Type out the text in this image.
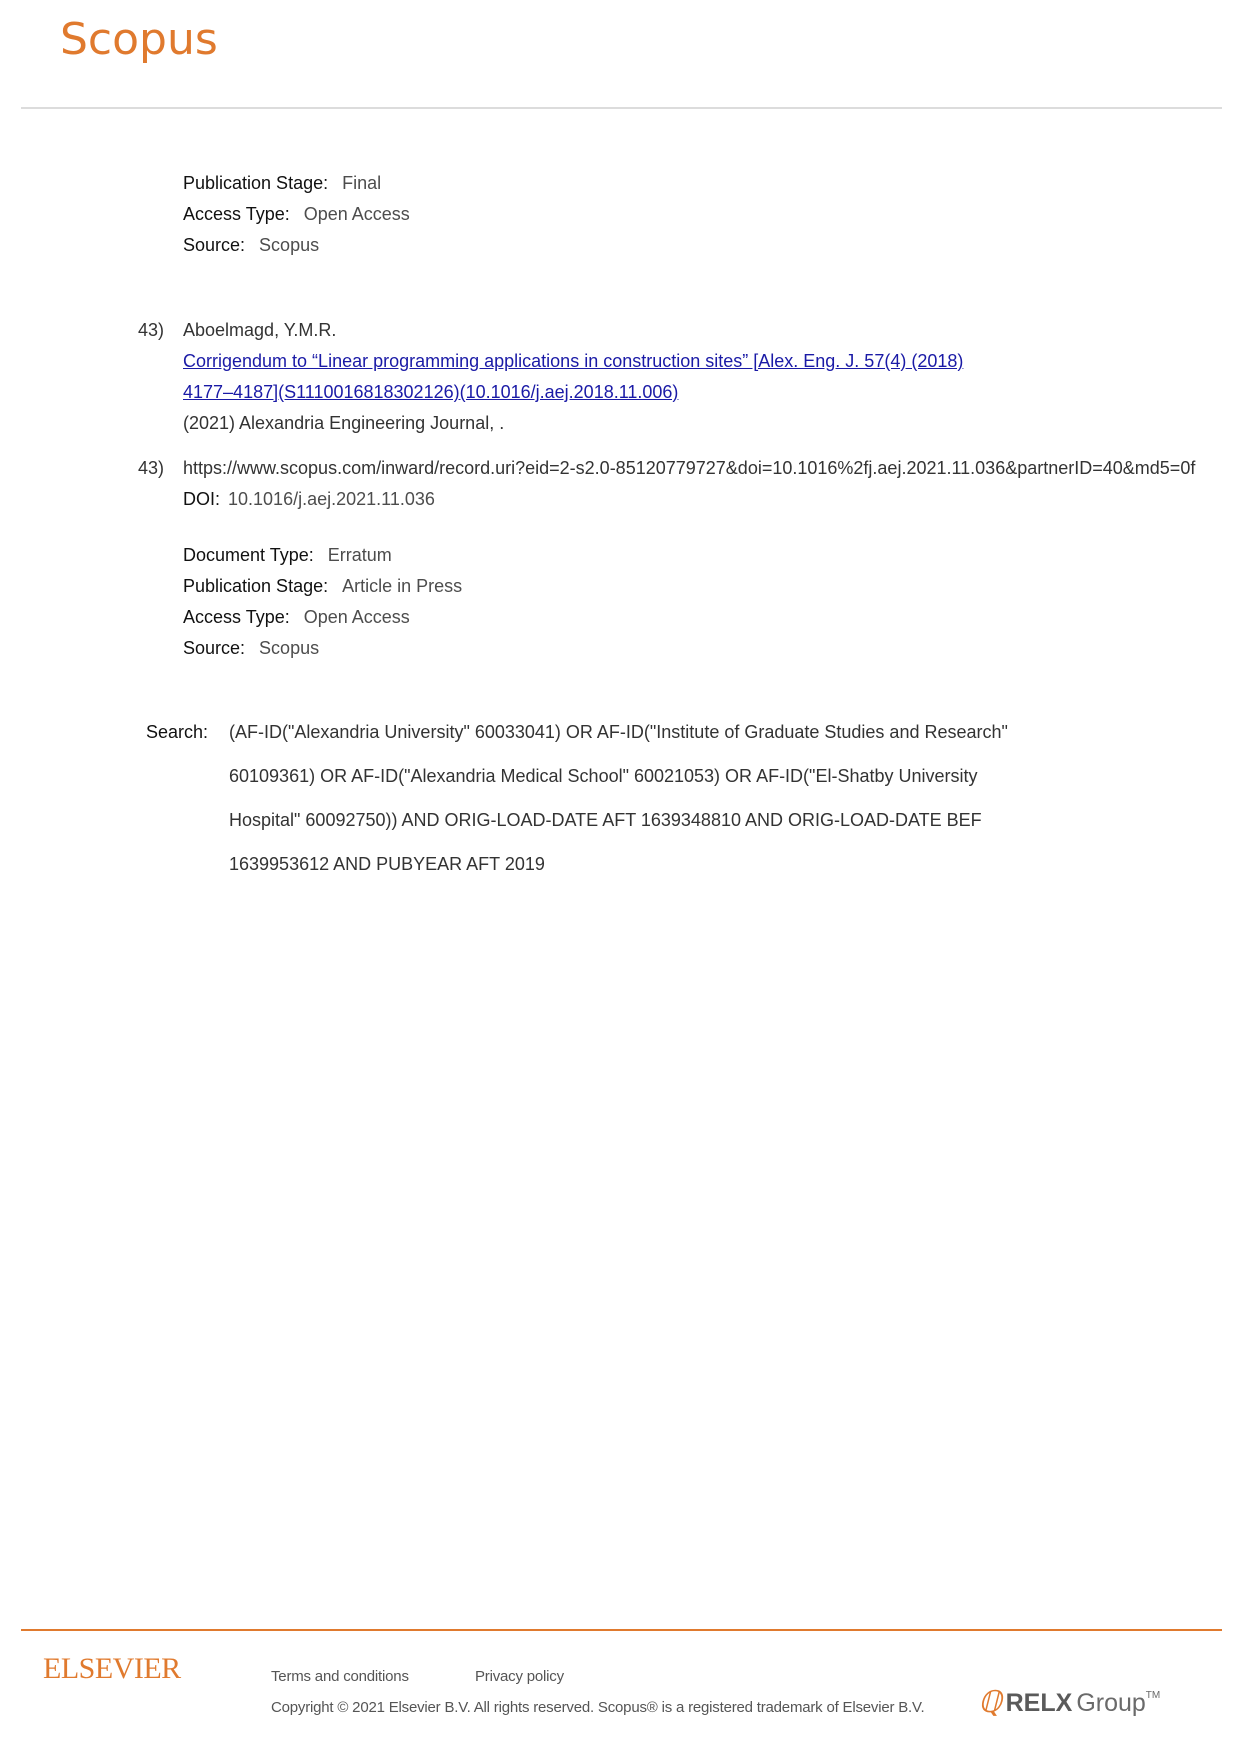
Scopus
Publication Stage: Final
Access Type: Open Access
Source: Scopus
43) Aboelmagd, Y.M.R.
Corrigendum to “Linear programming applications in construction sites” [Alex. Eng. J. 57(4) (2018)
4177–4187](S1110016818302126)(10.1016/j.aej.2018.11.006)
(2021) Alexandria Engineering Journal, .
43) https://www.scopus.com/inward/record.uri?eid=2-s2.0-85120779727&doi=10.1016%2fj.aej.2021.11.036&partnerID=40&md5=0f
DOI: 10.1016/j.aej.2021.11.036
Document Type: Erratum
Publication Stage: Article in Press
Access Type: Open Access
Source: Scopus
Search: (AF-ID("Alexandria University" 60033041) OR AF-ID("Institute of Graduate Studies and Research"
60109361) OR AF-ID("Alexandria Medical School" 60021053) OR AF-ID("El-Shatby University
Hospital" 60092750)) AND ORIG-LOAD-DATE AFT 1639348810 AND ORIG-LOAD-DATE BEF
1639953612 AND PUBYEAR AFT 2019
ELSEVIER	Terms and conditions	Privacy policy
Copyright © 2021 Elsevier B.V. All rights reserved. Scopus® is a registered trademark of Elsevier B.V. ℚ RELX Group TM
